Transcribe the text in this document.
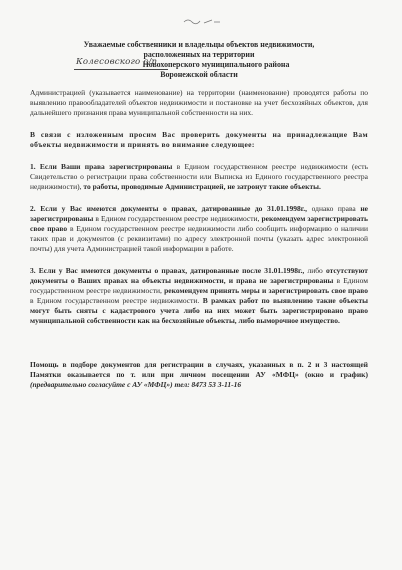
Уважаемые собственники и владельцы объектов недвижимости,

расположенных на территории

Колесовского с/п
Новохоперского муниципального района

Воронежской области

Администрацией (указывается наименование) на территории (наименование) проводятся работы по выявлению правообладателей объектов недвижимости и постановке на учет бесхозяйных объектов, для дальнейшего признания права муниципальной собственности на них.

В связи с изложенным просим Вас проверить документы на принадлежащие Вам объекты недвижимости и принять во внимание следующее:

1. Если Ваши права зарегистрированы в Едином государственном реестре недвижимости (есть Свидетельство о регистрации права собственности или Выписка из Единого государственного реестра недвижимости), то работы, проводимые Администрацией, не затронут такие объекты.

2. Если у Вас имеются документы о правах, датированные до 31.01.1998г., однако права не зарегистрированы в Едином государственном реестре недвижимости, рекомендуем зарегистрировать свое право в Едином государственном реестре недвижимости либо сообщить информацию о наличии таких прав и документов (с реквизитами) по адресу электронной почты (указать адрес электронной почты) для учета Администрацией такой информации в работе.

3. Если у Вас имеются документы о правах, датированные после 31.01.1998г., либо отсутствуют документы о Ваших правах на объекты недвижимости, и права не зарегистрированы в Едином государственном реестре недвижимости, рекомендуем принять меры и зарегистрировать свое право в Едином государственном реестре недвижимости. В рамках работ по выявлению такие объекты могут быть сняты с кадастрового учета либо на них может быть зарегистрировано право муниципальной собственности как на бесхозяйные объекты, либо выморочное имущество.

Помощь в подборе документов для регистрации в случаях, указанных в п. 2 и 3 настоящей Памятки оказывается по т. или при личном посещении АУ «МФЦ» (окно и график) (предварительно согласуйте с АУ «МФЦ») тел: 8473 53 3-11-16
